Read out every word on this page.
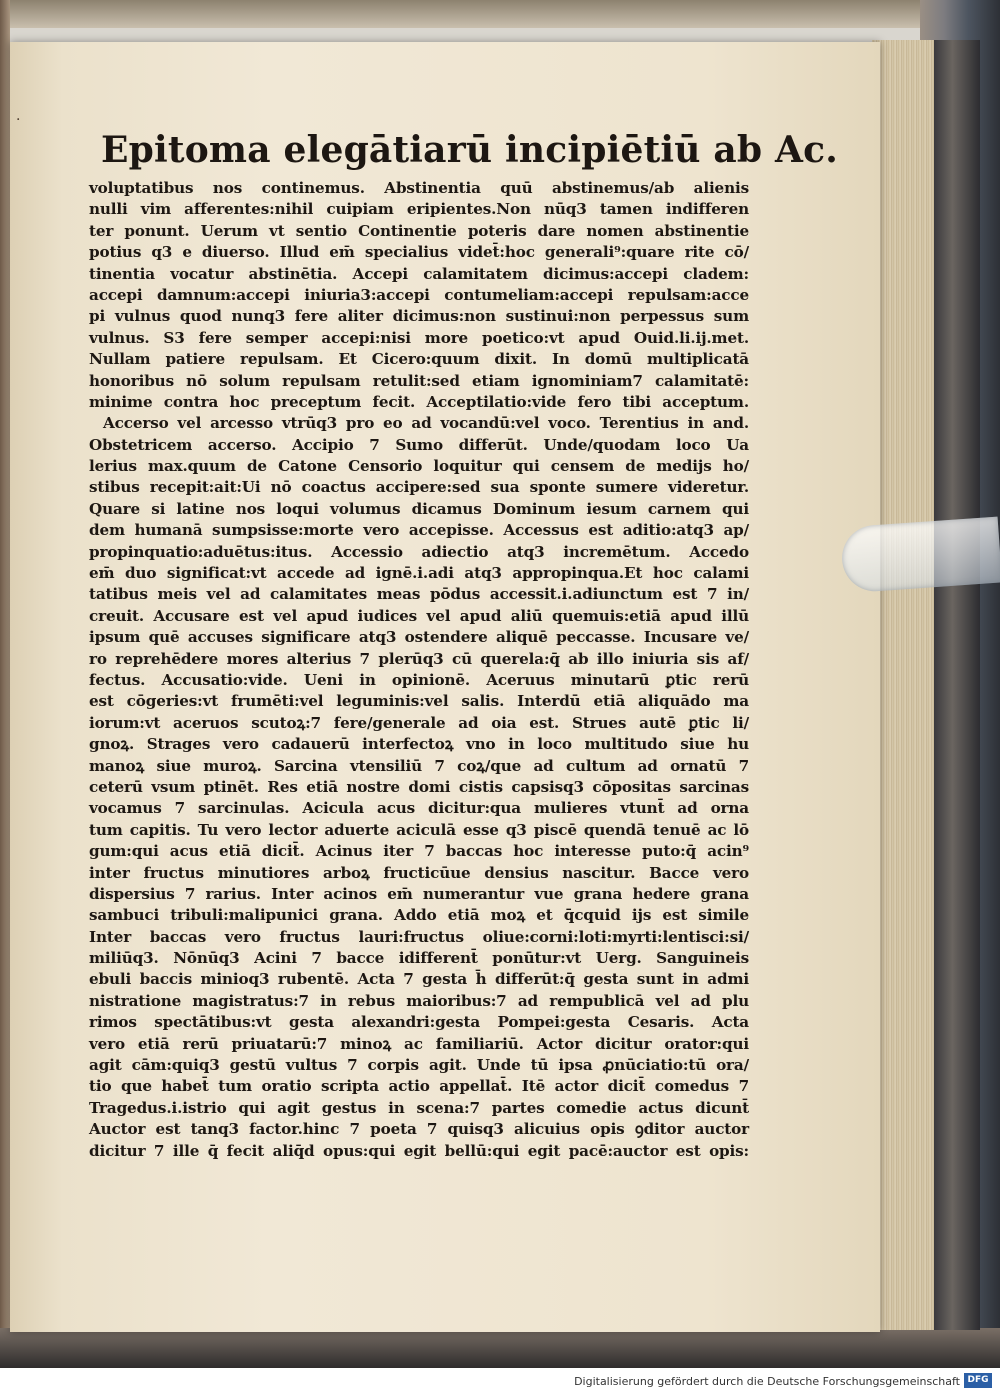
·
Epitoma elegātiarū incipiētiū ab Ac.
voluptatibus nos continemus. Abstinentia quū abstinemus/ab alienis
nulli vim afferentes:nihil cuipiam eripientes.Non nūq3 tamen indifferen
ter ponunt. Uerum vt sentio Continentie poteris dare nomen abstinentie
potius q3 e diuerso. Illud em̄ specialius videt̄:hoc generali⁹:quare rite cō/
tinentia vocatur abstinētia. Accepi calamitatem dicimus:accepi cladem:
accepi damnum:accepi iniuria3:accepi contumeliam:accepi repulsam:acce
pi vulnus quod nunq3 fere aliter dicimus:non sustinui:non perpessus sum
vulnus. S3 fere semper accepi:nisi more poetico:vt apud Ouid.li.ij.met.
Nullam patiere repulsam. Et Cicero:quum dixit. In domū multiplicatā
honoribus nō solum repulsam retulit:sed etiam ignominiam7 calamitatē:
minime contra hoc preceptum fecit. Acceptilatio:vide fero tibi acceptum.
Accerso vel arcesso vtrūq3 pro eo ad vocandū:vel voco. Terentius in and.
Obstetricem accerso. Accipio 7 Sumo differūt. Unde/quodam loco Ua
lerius max.quum de Catone Censorio loquitur qui censem de medijs ho/
stibus recepit:ait:Ui nō coactus accipere:sed sua sponte sumere videretur.
Quare si latine nos loqui volumus dicamus Dominum iesum carnem qui
dem humanā sumpsisse:morte vero accepisse. Accessus est aditio:atq3 ap/
propinquatio:aduētus:itus. Accessio adiectio atq3 incremētum. Accedo
em̄ duo significat:vt accede ad ignē.i.adi atq3 appropinqua.Et hoc calami
tatibus meis vel ad calamitates meas pōdus accessit.i.adiunctum est 7 in/
creuit. Accusare est vel apud iudices vel apud aliū quemuis:etiā apud illū
ipsum quē accuses significare atq3 ostendere aliquē peccasse. Incusare ve/
ro reprehēdere mores alterius 7 plerūq3 cū querela:q̄ ab illo iniuria sis af/
fectus. Accusatio:vide. Ueni in opinionē. Aceruus minutarū ꝑtic rerū
est cōgeries:vt frumēti:vel leguminis:vel salis. Interdū etiā aliquādo ma
iorum:vt aceruos scutoꝝ:7 fere/generale ad oia est. Strues autē ꝑtic li/
gnoꝝ. Strages vero cadauerū interfectoꝝ vno in loco multitudo siue hu
manoꝝ siue muroꝝ. Sarcina vtensiliū 7 coꝝ/que ad cultum ad ornatū 7
ceterū vsum ptinēt. Res etiā nostre domi cistis capsisq3 cōpositas sarcinas
vocamus 7 sarcinulas. Acicula acus dicitur:qua mulieres vtunt̄ ad orna
tum capitis. Tu vero lector aduerte aciculā esse q3 piscē quendā tenuē ac lō
gum:qui acus etiā dicit̄. Acinus iter 7 baccas hoc interesse puto:q̄ acin⁹
inter fructus minutiores arboꝝ fructicūue densius nascitur. Bacce vero
dispersius 7 rarius. Inter acinos em̄ numerantur vue grana hedere grana
sambuci tribuli:malipunici grana. Addo etiā moꝝ et q̄cquid ijs est simile
Inter baccas vero fructus lauri:fructus oliue:corni:loti:myrti:lentisci:si/
miliūq3. Nōnūq3 Acini 7 bacce idifferent̄ ponūtur:vt Uerg. Sanguineis
ebuli baccis minioq3 rubentē. Acta 7 gesta h̄ differūt:q̄ gesta sunt in admi
nistratione magistratus:7 in rebus maioribus:7 ad rempublicā vel ad plu
rimos spectātibus:vt gesta alexandri:gesta Pompei:gesta Cesaris. Acta
vero etiā rerū priuatarū:7 minoꝝ ac familiariū. Actor dicitur orator:qui
agit cām:quiq3 gestū vultus 7 corpis agit. Unde tū ipsa ꝓnūciatio:tū ora/
tio que habet̄ tum oratio scripta actio appellat̄. Itē actor dicit̄ comedus 7
Tragedus.i.istrio qui agit gestus in scena:7 partes comedie actus dicunt̄
Auctor est tanq3 factor.hinc 7 poeta 7 quisq3 alicuius opis ꝯditor auctor
dicitur 7 ille q̄ fecit aliq̄d opus:qui egit bellū:qui egit pacē:auctor est opis:
Digitalisierung gefördert durch die Deutsche Forschungsgemeinschaft DFG
